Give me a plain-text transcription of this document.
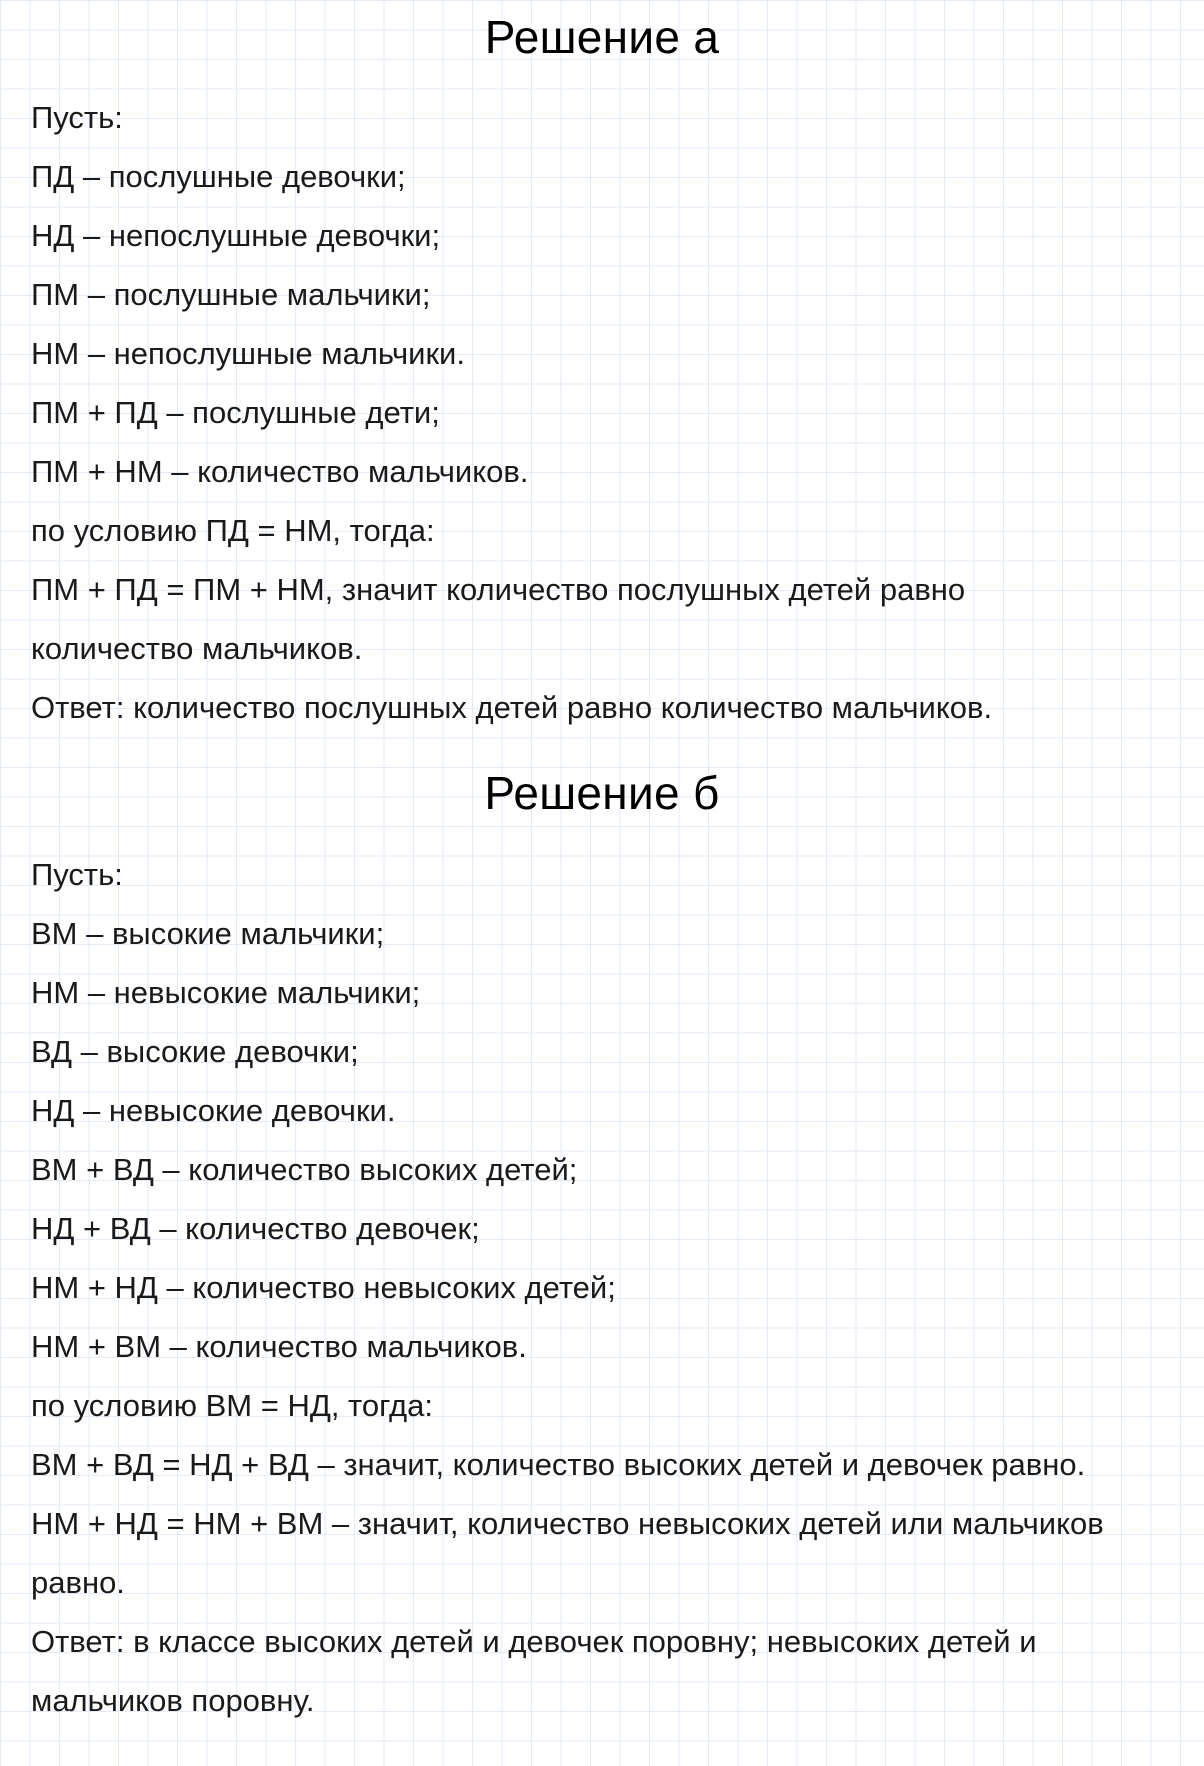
Решение а
Пусть:
ПД – послушные девочки;
НД – непослушные девочки;
ПМ – послушные мальчики;
НМ – непослушные мальчики.
ПМ + ПД – послушные дети;
ПМ + НМ – количество мальчиков.
по условию ПД = НМ, тогда:
ПМ + ПД = ПМ + НМ, значит количество послушных детей равно
количество мальчиков.
Ответ: количество послушных детей равно количество мальчиков.
Решение б
Пусть:
ВМ – высокие мальчики;
НМ – невысокие мальчики;
ВД – высокие девочки;
НД – невысокие девочки.
ВМ + ВД – количество высоких детей;
НД + ВД – количество девочек;
НМ + НД – количество невысоких детей;
НМ + ВМ – количество мальчиков.
по условию ВМ = НД, тогда:
ВМ + ВД = НД + ВД – значит, количество высоких детей и девочек равно.
НМ + НД = НМ + ВМ – значит, количество невысоких детей или мальчиков
равно.
Ответ: в классе высоких детей и девочек поровну; невысоких детей и
мальчиков поровну.
